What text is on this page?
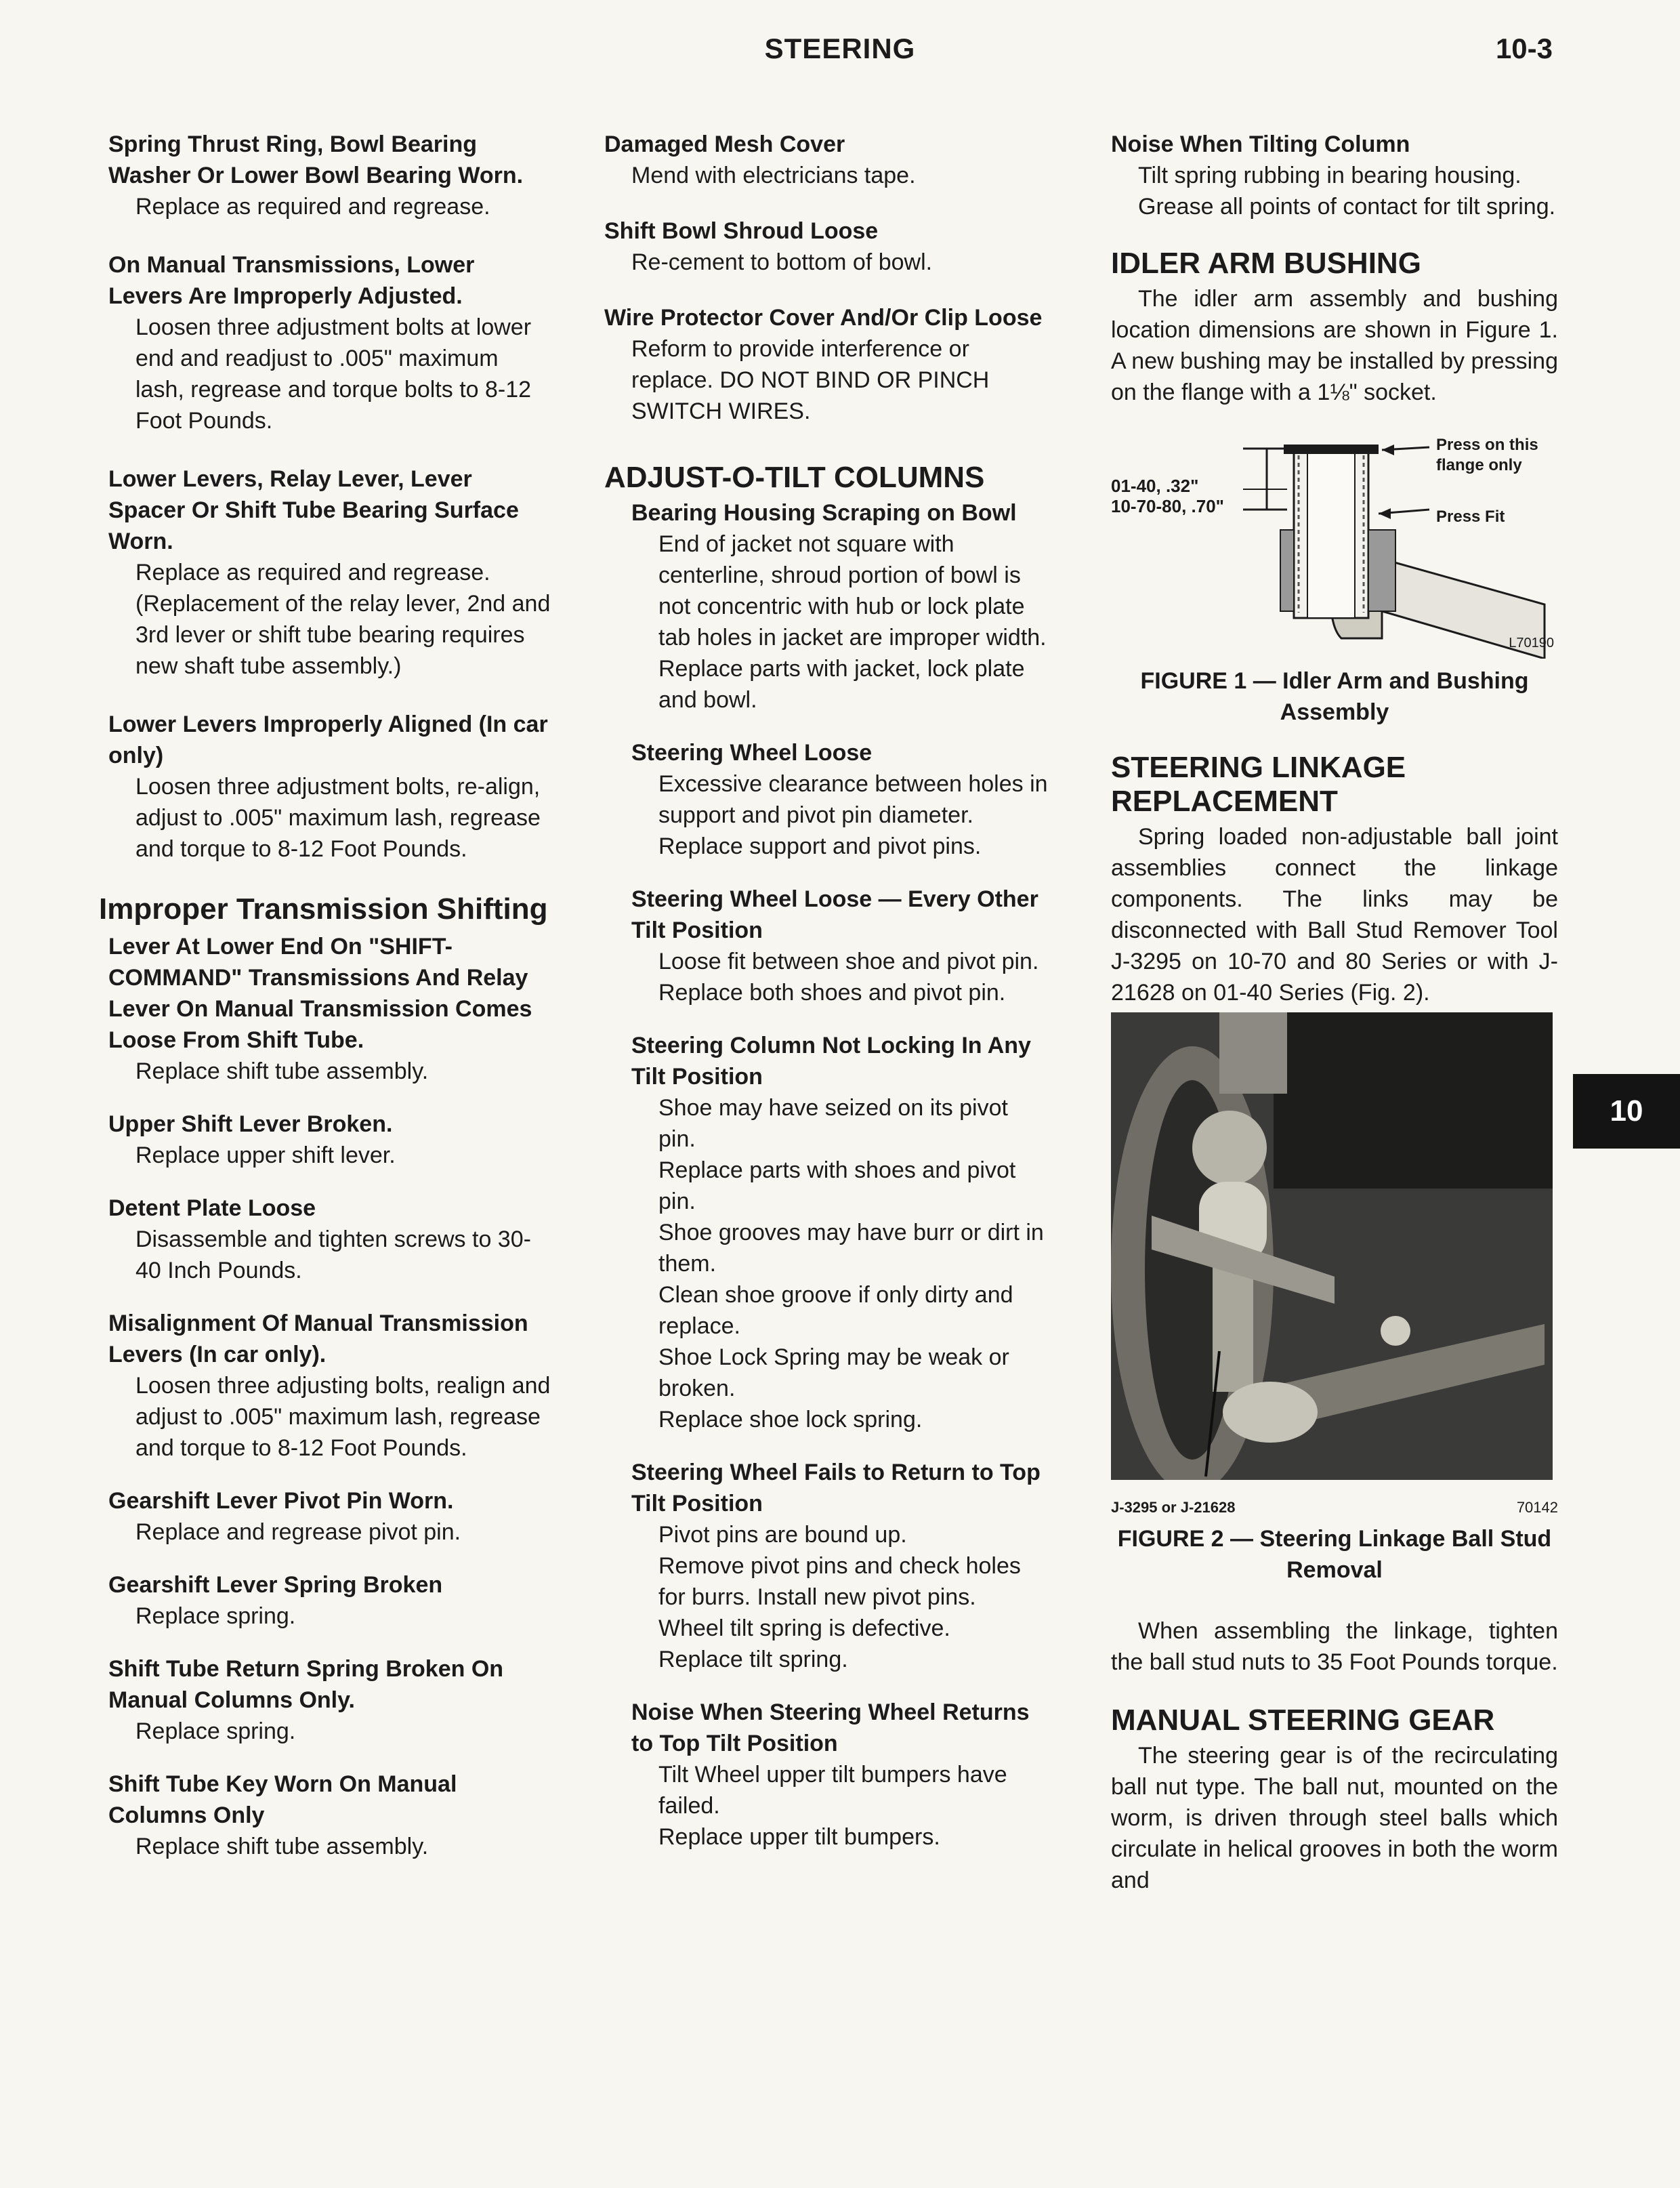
STEERING	10-3

Spring Thrust Ring, Bowl Bearing Washer Or Lower Bowl Bearing Worn.

Replace as required and regrease.

On Manual Transmissions, Lower Levers Are Improperly Adjusted.

Loosen three adjustment bolts at lower end and readjust to .005" maximum lash, regrease and torque bolts to 8-12 Foot Pounds.

Lower Levers, Relay Lever, Lever Spacer Or Shift Tube Bearing Surface Worn.

Replace as required and regrease. (Replacement of the relay lever, 2nd and 3rd lever or shift tube bearing requires new shaft tube assembly.)

Lower Levers Improperly Aligned (In car only)

Loosen three adjustment bolts, re-align, adjust to .005" maximum lash, regrease and torque to 8-12 Foot Pounds.

Improper Transmission Shifting

Lever At Lower End On "SHIFT-COMMAND" Transmissions And Relay Lever On Manual Transmission Comes Loose From Shift Tube.

Replace shift tube assembly.

Upper Shift Lever Broken.

Replace upper shift lever.

Detent Plate Loose

Disassemble and tighten screws to 30-40 Inch Pounds.

Misalignment Of Manual Transmission Levers (In car only).

Loosen three adjusting bolts, realign and adjust to .005" maximum lash, regrease and torque to 8-12 Foot Pounds.

Gearshift Lever Pivot Pin Worn.

Replace and regrease pivot pin.

Gearshift Lever Spring Broken

Replace spring.

Shift Tube Return Spring Broken On Manual Columns Only.

Replace spring.

Shift Tube Key Worn On Manual Columns Only

Replace shift tube assembly.

Damaged Mesh Cover

Mend with electricians tape.

Shift Bowl Shroud Loose

Re-cement to bottom of bowl.

Wire Protector Cover And/Or Clip Loose

Reform to provide interference or replace. DO NOT BIND OR PINCH SWITCH WIRES.

ADJUST-O-TILT COLUMNS

Bearing Housing Scraping on Bowl

End of jacket not square with centerline, shroud portion of bowl is not concentric with hub or lock plate tab holes in jacket are improper width.

Replace parts with jacket, lock plate and bowl.

Steering Wheel Loose

Excessive clearance between holes in support and pivot pin diameter.

Replace support and pivot pins.

Steering Wheel Loose — Every Other Tilt Position

Loose fit between shoe and pivot pin.

Replace both shoes and pivot pin.

Steering Column Not Locking In Any Tilt Position

Shoe may have seized on its pivot pin.

Replace parts with shoes and pivot pin.

Shoe grooves may have burr or dirt in them.

Clean shoe groove if only dirty and replace.

Shoe Lock Spring may be weak or broken.

Replace shoe lock spring.

Steering Wheel Fails to Return to Top Tilt Position

Pivot pins are bound up.

Remove pivot pins and check holes for burrs. Install new pivot pins.

Wheel tilt spring is defective.

Replace tilt spring.

Noise When Steering Wheel Returns to Top Tilt Position

Tilt Wheel upper tilt bumpers have failed.

Replace upper tilt bumpers.

Noise When Tilting Column

Tilt spring rubbing in bearing housing.

Grease all points of contact for tilt spring.

IDLER ARM BUSHING

The idler arm assembly and bushing location dimensions are shown in Figure 1. A new bushing may be installed by pressing on the flange with a 1⅛" socket.

01-40, .32"
10-70-80, .70"
Press on this
flange only
Press Fit
L70190

FIGURE 1 — Idler Arm and Bushing Assembly

STEERING LINKAGE REPLACEMENT

Spring loaded non-adjustable ball joint assemblies connect the linkage components. The links may be disconnected with Ball Stud Remover Tool J-3295 on 10-70 and 80 Series or with J-21628 on 01-40 Series (Fig. 2).

J-3295 or J-21628	70142

FIGURE 2 — Steering Linkage Ball Stud Removal

When assembling the linkage, tighten the ball stud nuts to 35 Foot Pounds torque.

MANUAL STEERING GEAR

The steering gear is of the recirculating ball nut type. The ball nut, mounted on the worm, is driven through steel balls which circulate in helical grooves in both the worm and

10
